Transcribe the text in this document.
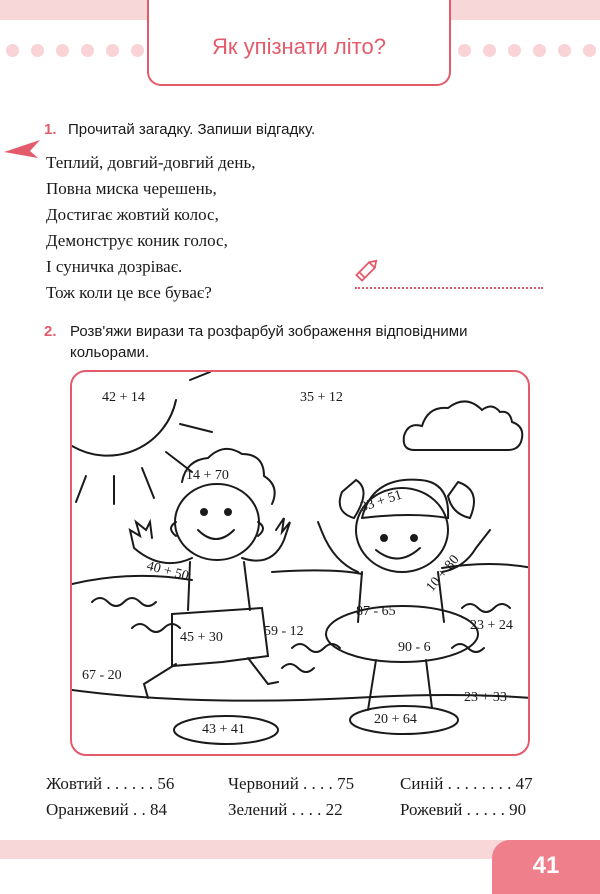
Як упізнати літо?
1. Прочитай загадку. Запиши відгадку.
Теплий, довгий-довгий день,
Повна миска черешень,
Достигає жовтий колос,
Демонструє коник голос,
І суничка дозріває.
Тож коли це все буває?
2. Розв'яжи вирази та розфарбуй зображення відповідними
кольорами.
42 + 14	35 + 12
14 + 70
33 + 51
40 + 50	10 + 80
87 - 65
45 + 30	59 - 12	23 + 24
90 - 6
67 - 20
23 + 33
43 + 41
20 + 64
Жовтий . . . . . . 56	Червоний . . . . 75	Синій . . . . . . . . 47
Оранжевий . . 84	Зелений . . . . 22	Рожевий . . . . . 90
41
